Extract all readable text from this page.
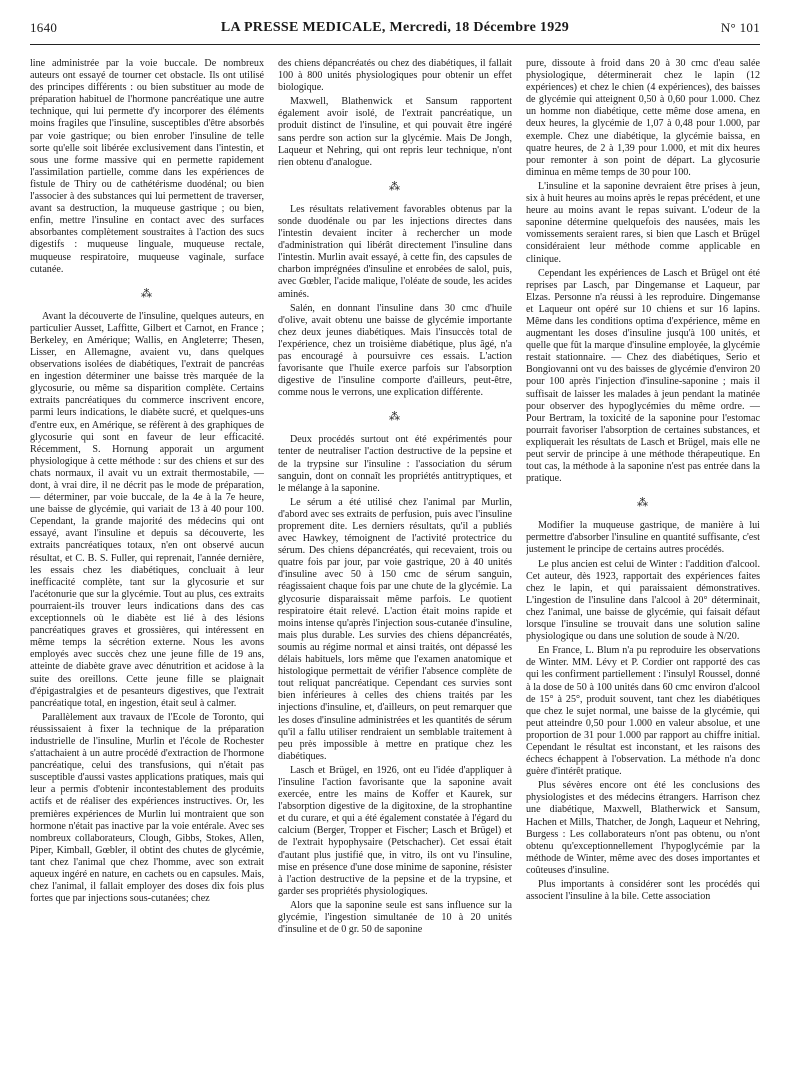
1640	LA PRESSE MEDICALE, Mercredi, 18 Décembre 1929	N° 101

line administrée par la voie buccale. De nombreux auteurs ont essayé de tourner cet obstacle. Ils ont utilisé des principes différents : ou bien substituer au mode de préparation habituel de l'hormone pancréatique une autre technique, qui lui permette d'y incorporer des éléments moins fragiles que l'insuline, susceptibles d'être absorbés par voie gastrique; ou bien enrober l'insuline de telle sorte qu'elle soit libérée exclusivement dans l'intestin, et sous une forme massive qui en permette rapidement l'assimilation partielle, comme dans les expériences de fistule de Thiry ou de cathétérisme duodénal; ou bien l'associer à des substances qui lui permettent de traverser, avant sa destruction, la muqueuse gastrique ; ou bien, enfin, mettre l'insuline en contact avec des surfaces absorbantes complètement soustraites à l'action des sucs digestifs : muqueuse linguale, muqueuse rectale, muqueuse respiratoire, muqueuse vaginale, surface cutanée.

⁂

Avant la découverte de l'insuline, quelques auteurs, en particulier Ausset, Laffitte, Gilbert et Carnot, en France ; Berkeley, en Amérique; Wallis, en Angleterre; Thesen, Lisser, en Allemagne, avaient vu, dans quelques observations isolées de diabétiques, l'extrait de pancréas en ingestion déterminer une baisse très marquée de la glycosurie, ou même sa disparition complète. Certains extraits pancréatiques du commerce inscrivent encore, parmi leurs indications, le diabète sucré, et quelques-uns d'entre eux, en Amérique, se réfèrent à des graphiques de glycosurie qui sont en faveur de leur efficacité. Récemment, S. Hornung apporait un argument physiologique à cette méthode : sur des chiens et sur des chats normaux, il avait vu un extrait thermostabile, — dont, à vrai dire, il ne décrit pas le mode de préparation, — déterminer, par voie buccale, de la 4e à la 7e heure, une baisse de glycémie, qui variait de 13 à 40 pour 100. Cependant, la grande majorité des médecins qui ont essayé, avant l'insuline et depuis sa découverte, les extraits pancréatiques totaux, n'en ont observé aucun résultat, et C. B. S. Fuller, qui reprenait, l'année dernière, les essais chez les diabétiques, concluait à leur inefficacité complète, tant sur la glycosurie et sur l'acétonurie que sur la glycémie. Tout au plus, ces extraits pourraient-ils trouver leurs indications dans des cas exceptionnels où le diabète est lié à des lésions pancréatiques graves et grossières, qui intéressent en même temps la sécrétion externe. Nous les avons employés avec succès chez une jeune fille de 19 ans, atteinte de diabète grave avec dénutrition et acidose à la suite des oreillons. Cette jeune fille se plaignait d'épigastralgies et de pesanteurs digestives, que l'extrait pancréatique total, en ingestion, était seul à calmer.

Parallèlement aux travaux de l'Ecole de Toronto, qui réussissaient à fixer la technique de la préparation industrielle de l'insuline, Murlin et l'école de Rochester s'attachaient à un autre procédé d'extraction de l'hormone pancréatique, celui des transfusions, qui n'était pas susceptible d'aussi vastes applications pratiques, mais qui leur a permis d'obtenir incontestablement des produits actifs et de réaliser des expériences instructives. Or, les premières expériences de Murlin lui montraient que son hormone n'était pas inactive par la voie entérale. Avec ses nombreux collaborateurs, Clough, Gibbs, Stokes, Allen, Piper, Kimball, Gœbler, il obtint des chutes de glycémie, tant chez l'animal que chez l'homme, avec son extrait aqueux ingéré en nature, en cachets ou en capsules. Mais, chez l'animal, il fallait employer des doses dix fois plus fortes que par injections sous-cutanées; chez

des chiens dépancréatés ou chez des diabétiques, il fallait 100 à 800 unités physiologiques pour obtenir un effet biologique.

Maxwell, Blathenwick et Sansum rapportent également avoir isolé, de l'extrait pancréatique, un produit distinct de l'insuline, et qui pouvait être ingéré sans perdre son action sur la glycémie. Mais De Jongh, Laqueur et Nehring, qui ont repris leur technique, n'ont rien obtenu d'analogue.

⁂

Les résultats relativement favorables obtenus par la sonde duodénale ou par les injections directes dans l'intestin devaient inciter à rechercher un mode d'administration qui libérât directement l'insuline dans l'intestin. Murlin avait essayé, à cette fin, des capsules de charbon imprégnées d'insuline et enrobées de salol, puis, avec Gœbler, l'acide malique, l'oléate de soude, les acides aminés.

Salén, en donnant l'insuline dans 30 cmc d'huile d'olive, avait obtenu une baisse de glycémie importante chez deux jeunes diabétiques. Mais l'insuccès total de l'expérience, chez un troisième diabétique, plus âgé, n'a pas encouragé à poursuivre ces essais. L'action favorisante que l'huile exerce parfois sur l'absorption digestive de l'insuline comporte d'ailleurs, peut-être, comme nous le verrons, une explication différente.

⁂

Deux procédés surtout ont été expérimentés pour tenter de neutraliser l'action destructive de la pepsine et de la trypsine sur l'insuline : l'association du sérum sanguin, dont on connaît les propriétés antitryptiques, et le mélange à la saponine.

Le sérum a été utilisé chez l'animal par Murlin, d'abord avec ses extraits de perfusion, puis avec l'insuline proprement dite. Les derniers résultats, qu'il a publiés avec Hawkey, témoignent de l'activité protectrice du sérum. Des chiens dépancréatés, qui recevaient, trois ou quatre fois par jour, par voie gastrique, 20 à 40 unités d'insuline avec 50 à 150 cmc de sérum sanguin, réagissaient chaque fois par une chute de la glycémie. La glycosurie disparaissait même parfois. Le quotient respiratoire était relevé. L'action était moins rapide et moins intense qu'après l'injection sous-cutanée d'insuline, mais plus durable. Les survies des chiens dépancréatés, soumis au régime normal et ainsi traités, ont dépassé les délais habituels, lors même que l'examen anatomique et histologique permettait de vérifier l'absence complète de tout reliquat pancréatique. Cependant ces survies sont bien inférieures à celles des chiens traités par les injections d'insuline, et, d'ailleurs, on peut remarquer que les doses d'insuline administrées et les quantités de sérum qu'il a fallu utiliser rendraient un semblable traitement à peu près impossible à mettre en pratique chez les diabétiques.

Lasch et Brügel, en 1926, ont eu l'idée d'appliquer à l'insuline l'action favorisante que la saponine avait exercée, entre les mains de Koffer et Kaurek, sur l'absorption digestive de la digitoxine, de la strophantine et du curare, et qui a été également constatée à l'égard du calcium (Berger, Tropper et Fischer; Lasch et Brügel) et de l'extrait hypophysaire (Petschacher). Cet essai était d'autant plus justifié que, in vitro, ils ont vu l'insuline, mise en présence d'une dose minime de saponine, résister à l'action destructive de la pepsine et de la trypsine, et garder ses propriétés physiologiques.

Alors que la saponine seule est sans influence sur la glycémie, l'ingestion simultanée de 10 à 20 unités d'insuline et de 0 gr. 50 de saponine

pure, dissoute à froid dans 20 à 30 cmc d'eau salée physiologique, déterminerait chez le lapin (12 expériences) et chez le chien (4 expériences), des baisses de glycémie qui atteignent 0,50 à 0,60 pour 1.000. Chez un homme non diabétique, cette même dose amena, en deux heures, la glycémie de 1,07 à 0,48 pour 1.000, par exemple. Chez une diabétique, la glycémie baissa, en quatre heures, de 2 à 1,39 pour 1.000, et mit dix heures pour remonter à son point de départ. La glycosurie diminua en même temps de 30 pour 100.

L'insuline et la saponine devraient être prises à jeun, six à huit heures au moins après le repas précédent, et une heure au moins avant le repas suivant. L'odeur de la saponine détermine quelquefois des nausées, mais les vomissements seraient rares, si bien que Lasch et Brügel considéraient leur méthode comme applicable en clinique.

Cependant les expériences de Lasch et Brügel ont été reprises par Lasch, par Dingemanse et Laqueur, par Elzas. Personne n'a réussi à les reproduire. Dingemanse et Laqueur ont opéré sur 10 chiens et sur 16 lapins. Même dans les conditions optima d'expérience, même en augmentant les doses d'insuline jusqu'à 100 unités, et quelle que fût la marque d'insuline employée, la glycémie restait stationnaire. — Chez des diabétiques, Serio et Bongiovanni ont vu des baisses de glycémie d'environ 20 pour 100 après l'injection d'insuline-saponine ; mais il suffisait de laisser les malades à jeun pendant la matinée pour observer des hypoglycémies du même ordre. — Pour Bertram, la toxicité de la saponine pour l'estomac pourrait favoriser l'absorption de certaines substances, et expliquerait les résultats de Lasch et Brügel, mais elle ne peut servir de principe à une méthode thérapeutique. En tout cas, la méthode à la saponine n'est pas entrée dans la pratique.

⁂

Modifier la muqueuse gastrique, de manière à lui permettre d'absorber l'insuline en quantité suffisante, c'est justement le principe de certains autres procédés.

Le plus ancien est celui de Winter : l'addition d'alcool. Cet auteur, dès 1923, rapportait des expériences faites chez le lapin, et qui paraissaient démonstratives. L'ingestion de l'insuline dans l'alcool à 20° déterminait, chez l'animal, une baisse de glycémie, qui faisait défaut lorsque l'insuline se trouvait dans une solution saline physiologique ou dans une solution de soude à N/20.

En France, L. Blum n'a pu reproduire les observations de Winter. MM. Lévy et P. Cordier ont rapporté des cas qui les confirment partiellement : l'insulyl Roussel, donné à la dose de 50 à 100 unités dans 60 cmc environ d'alcool de 15° à 25°, produit souvent, tant chez les diabétiques que chez le sujet normal, une baisse de la glycémie, qui peut atteindre 0,50 pour 1.000 en valeur absolue, et une proportion de 31 pour 1.000 par rapport au chiffre initial. Cependant le résultat est inconstant, et les raisons des échecs échappent à l'observation. La méthode n'a donc guère d'intérêt pratique.

Plus sévères encore ont été les conclusions des physiologistes et des médecins étrangers. Harrison chez une diabétique, Maxwell, Blatherwick et Sansum, Hachen et Mills, Thatcher, de Jongh, Laqueur et Nehring, Burgess : Les collaborateurs n'ont pas obtenu, ou n'ont obtenu qu'exceptionnellement l'hypoglycémie par la méthode de Winter, même avec des doses importantes et coûteuses d'insuline.

Plus importants à considérer sont les procédés qui associent l'insuline à la bile. Cette association
